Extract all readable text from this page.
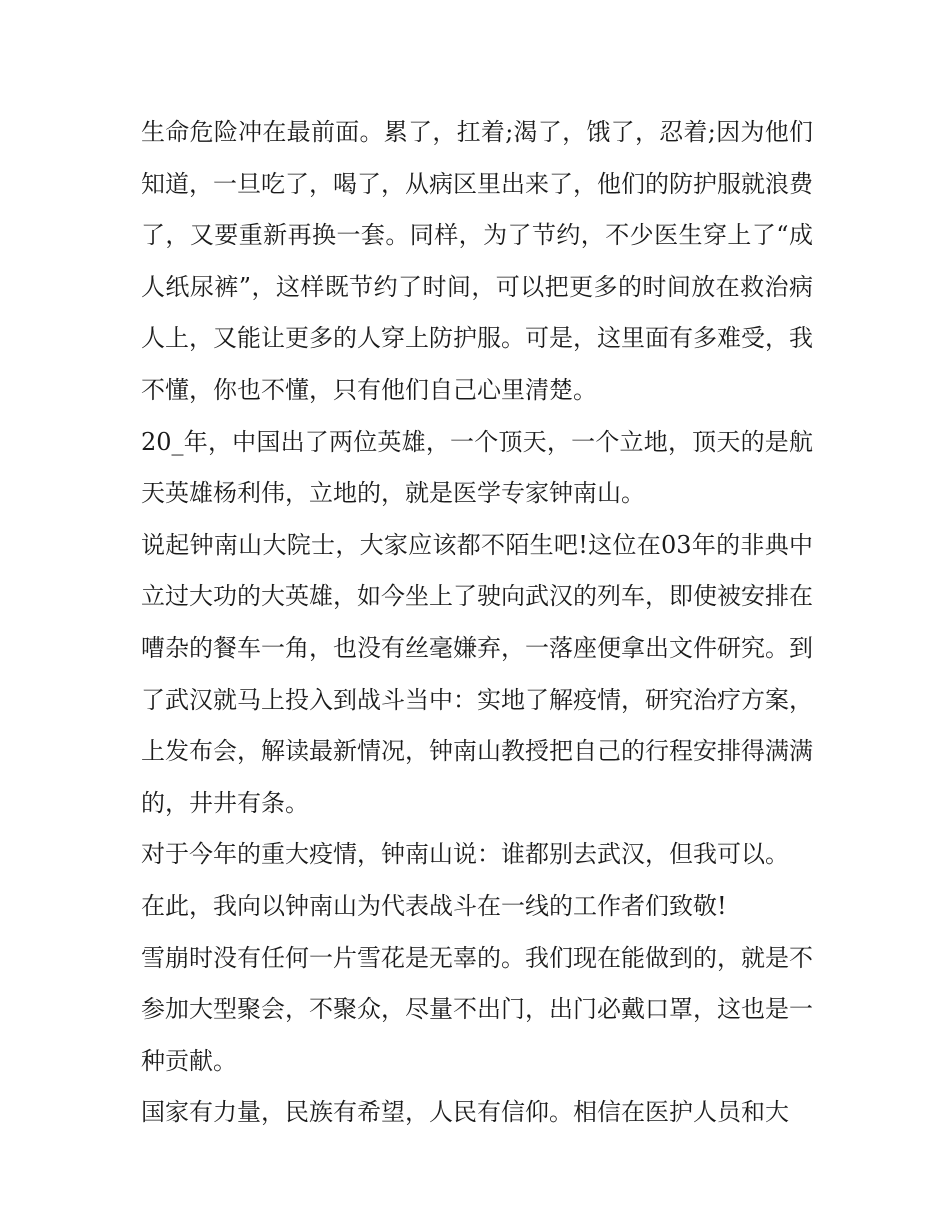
生命危险冲在最前面。累了，扛着;渴了，饿了，忍着;因为他们知道，一旦吃了，喝了，从病区里出来了，他们的防护服就浪费了，又要重新再换一套。同样，为了节约，不少医生穿上了“成人纸尿裤”，这样既节约了时间，可以把更多的时间放在救治病人上，又能让更多的人穿上防护服。可是，这里面有多难受，我不懂，你也不懂，只有他们自己心里清楚。

20_年，中国出了两位英雄，一个顶天，一个立地，顶天的是航天英雄杨利伟，立地的，就是医学专家钟南山。

说起钟南山大院士，大家应该都不陌生吧!这位在03年的非典中立过大功的大英雄，如今坐上了驶向武汉的列车，即使被安排在嘈杂的餐车一角，也没有丝毫嫌弃，一落座便拿出文件研究。到了武汉就马上投入到战斗当中：实地了解疫情，研究治疗方案，上发布会，解读最新情况，钟南山教授把自己的行程安排得满满的，井井有条。

对于今年的重大疫情，钟南山说：谁都别去武汉，但我可以。

在此，我向以钟南山为代表战斗在一线的工作者们致敬!

雪崩时没有任何一片雪花是无辜的。我们现在能做到的，就是不参加大型聚会，不聚众，尽量不出门，出门必戴口罩，这也是一种贡献。

国家有力量，民族有希望，人民有信仰。相信在医护人员和大
